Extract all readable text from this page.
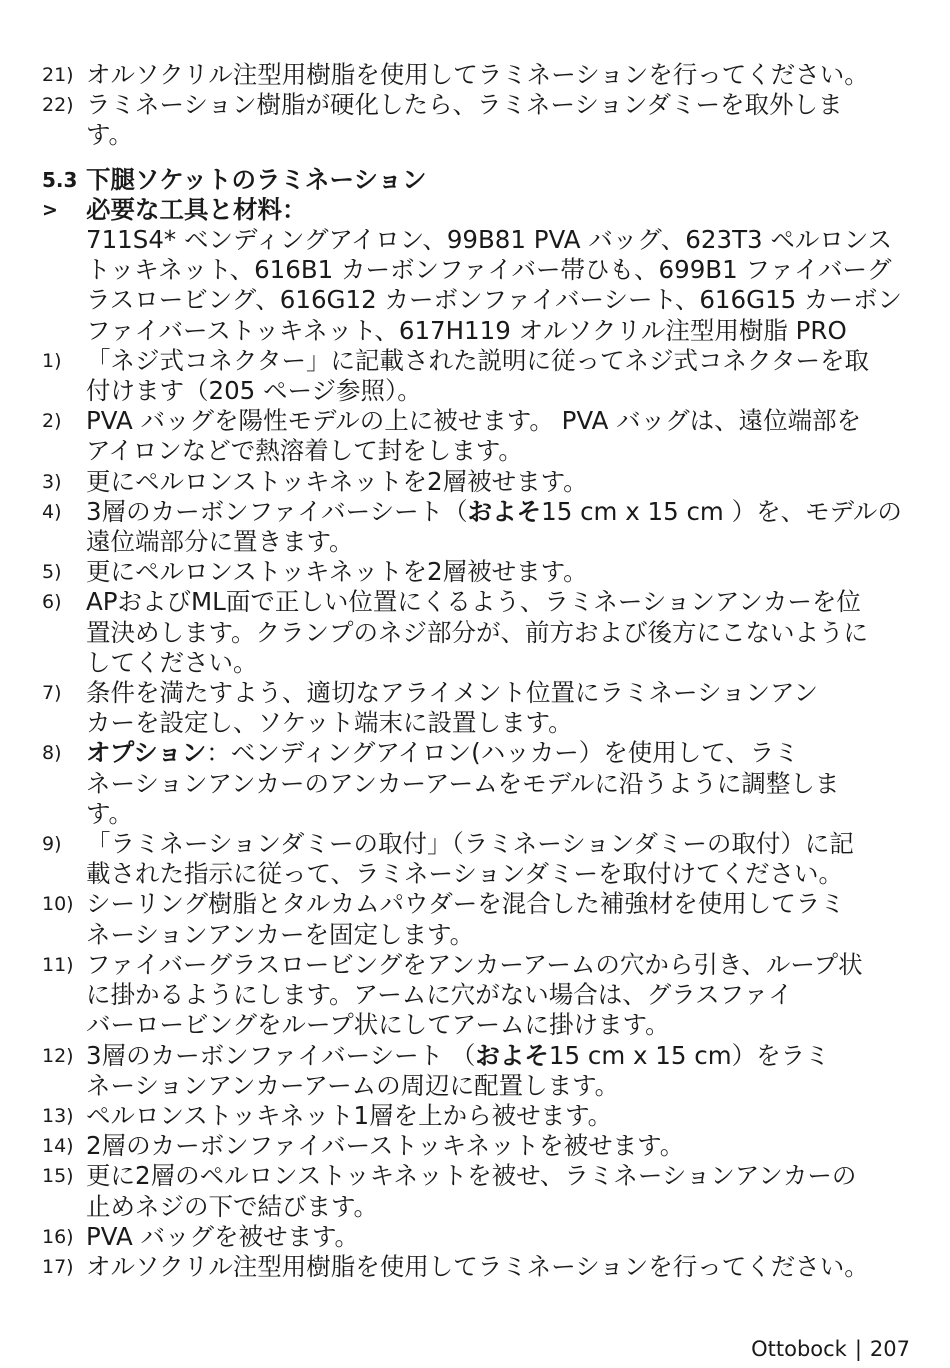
21) オルソクリル注型用樹脂を使用してラミネーションを行ってください。
22) ラミネーション樹脂が硬化したら、ラミネーションダミーを取外しま
す。
5.3 下腿ソケットのラミネーション
> 必要な工具と材料：
711S4* ベンディングアイロン、99B81 PVA バッグ、623T3 ペルロンス
トッキネット、616B1 カーボンファイバー帯ひも、699B1 ファイバーグ
ラスロービング、616G12 カーボンファイバーシート、616G15 カーボン
ファイバーストッキネット、617H119 オルソクリル注型用樹脂 PRO
1) 「ネジ式コネクター」に記載された説明に従ってネジ式コネクターを取
付けます（205 ページ参照）。
2) PVA バッグを陽性モデルの上に被せます。 PVA バッグは、遠位端部を
アイロンなどで熱溶着して封をします。
3) 更にペルロンストッキネットを2層被せます。
4) 3層のカーボンファイバーシート（およそ15 cm x 15 cm ）を、モデルの
遠位端部分に置きます。
5) 更にペルロンストッキネットを2層被せます。
6) APおよびML面で正しい位置にくるよう、ラミネーションアンカーを位
置決めします。クランプのネジ部分が、前方および後方にこないように
してください。
7) 条件を満たすよう、適切なアライメント位置にラミネーションアン
カーを設定し、ソケット端末に設置します。
8) オプション：ベンディングアイロン(ハッカー）を使用して、ラミ
ネーションアンカーのアンカーアームをモデルに沿うように調整しま
す。
9) 「ラミネーションダミーの取付」（ラミネーションダミーの取付）に記
載された指示に従って、ラミネーションダミーを取付けてください。
10) シーリング樹脂とタルカムパウダーを混合した補強材を使用してラミ
ネーションアンカーを固定します。
11) ファイバーグラスロービングをアンカーアームの穴から引き、ループ状
に掛かるようにします。アームに穴がない場合は、グラスファイ
バーロービングをループ状にしてアームに掛けます。
12) 3層のカーボンファイバーシート （およそ15 cm x 15 cm）をラミ
ネーションアンカーアームの周辺に配置します。
13) ペルロンストッキネット1層を上から被せます。
14) 2層のカーボンファイバーストッキネットを被せます。
15) 更に2層のペルロンストッキネットを被せ、ラミネーションアンカーの
止めネジの下で結びます。
16) PVA バッグを被せます。
17) オルソクリル注型用樹脂を使用してラミネーションを行ってください。
Ottobock | 207
